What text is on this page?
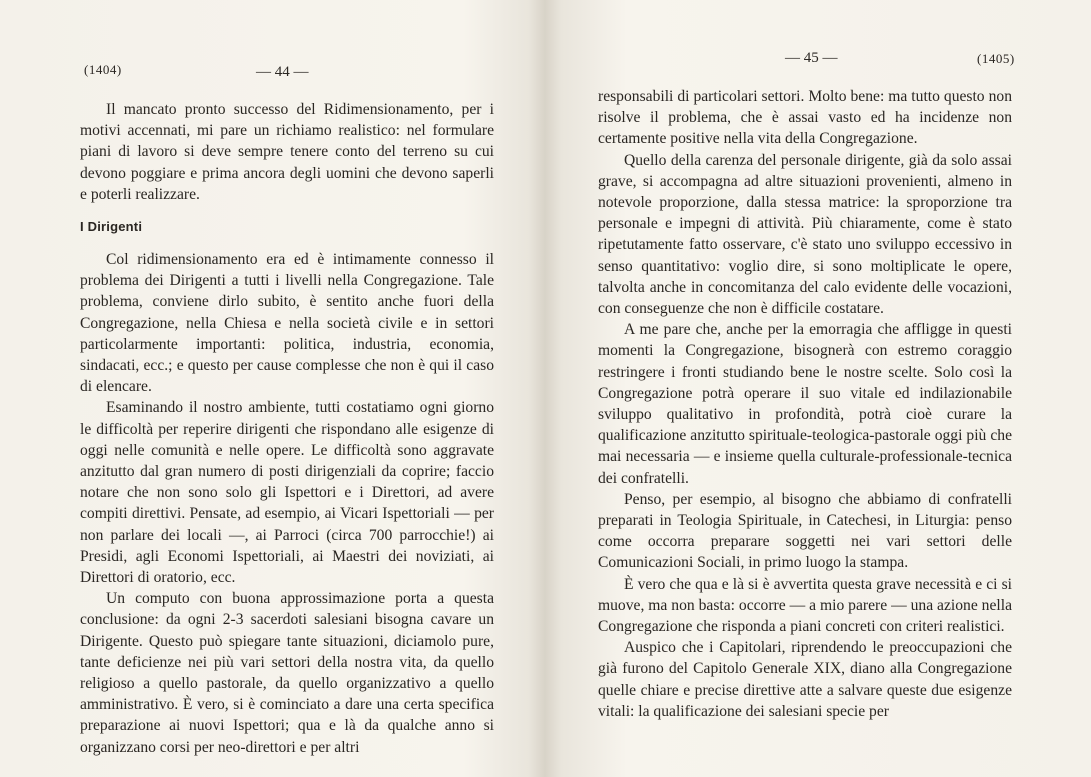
(1404)	— 44 —

Il mancato pronto successo del Ridimensionamento, per i motivi accennati, mi pare un richiamo realistico: nel formulare piani di lavoro si deve sempre tenere conto del terreno su cui devono poggiare e prima ancora degli uomini che devono saperli e poterli realizzare.

I Dirigenti

Col ridimensionamento era ed è intimamente connesso il problema dei Dirigenti a tutti i livelli nella Congregazione. Tale problema, conviene dirlo subito, è sentito anche fuori della Congregazione, nella Chiesa e nella società civile e in settori particolarmente importanti: politica, industria, economia, sindacati, ecc.; e questo per cause complesse che non è qui il caso di elencare.

Esaminando il nostro ambiente, tutti costatiamo ogni giorno le difficoltà per reperire dirigenti che rispondano alle esigenze di oggi nelle comunità e nelle opere. Le difficoltà sono aggravate anzitutto dal gran numero di posti dirigenziali da coprire; faccio notare che non sono solo gli Ispettori e i Direttori, ad avere compiti direttivi. Pensate, ad esempio, ai Vicari Ispettoriali — per non parlare dei locali —, ai Parroci (circa 700 parrocchie!) ai Presidi, agli Economi Ispettoriali, ai Maestri dei noviziati, ai Direttori di oratorio, ecc.

Un computo con buona approssimazione porta a questa conclusione: da ogni 2-3 sacerdoti salesiani bisogna cavare un Dirigente. Questo può spiegare tante situazioni, diciamolo pure, tante deficienze nei più vari settori della nostra vita, da quello religioso a quello pastorale, da quello organizzativo a quello amministrativo. È vero, si è cominciato a dare una certa specifica preparazione ai nuovi Ispettori; qua e là da qualche anno si organizzano corsi per neo-direttori e per altri

— 45 —	(1405)

responsabili di particolari settori. Molto bene: ma tutto questo non risolve il problema, che è assai vasto ed ha incidenze non certamente positive nella vita della Congregazione.

Quello della carenza del personale dirigente, già da solo assai grave, si accompagna ad altre situazioni provenienti, almeno in notevole proporzione, dalla stessa matrice: la sproporzione tra personale e impegni di attività. Più chiaramente, come è stato ripetutamente fatto osservare, c'è stato uno sviluppo eccessivo in senso quantitativo: voglio dire, si sono moltiplicate le opere, talvolta anche in concomitanza del calo evidente delle vocazioni, con conseguenze che non è difficile costatare.

A me pare che, anche per la emorragia che affligge in questi momenti la Congregazione, bisognerà con estremo coraggio restringere i fronti studiando bene le nostre scelte. Solo così la Congregazione potrà operare il suo vitale ed indilazionabile sviluppo qualitativo in profondità, potrà cioè curare la qualificazione anzitutto spirituale-teologica-pastorale oggi più che mai necessaria — e insieme quella culturale-professionale-tecnica dei confratelli.

Penso, per esempio, al bisogno che abbiamo di confratelli preparati in Teologia Spirituale, in Catechesi, in Liturgia: penso come occorra preparare soggetti nei vari settori delle Comunicazioni Sociali, in primo luogo la stampa.

È vero che qua e là si è avvertita questa grave necessità e ci si muove, ma non basta: occorre — a mio parere — una azione nella Congregazione che risponda a piani concreti con criteri realistici.

Auspico che i Capitolari, riprendendo le preoccupazioni che già furono del Capitolo Generale XIX, diano alla Congregazione quelle chiare e precise direttive atte a salvare queste due esigenze vitali: la qualificazione dei salesiani specie per
